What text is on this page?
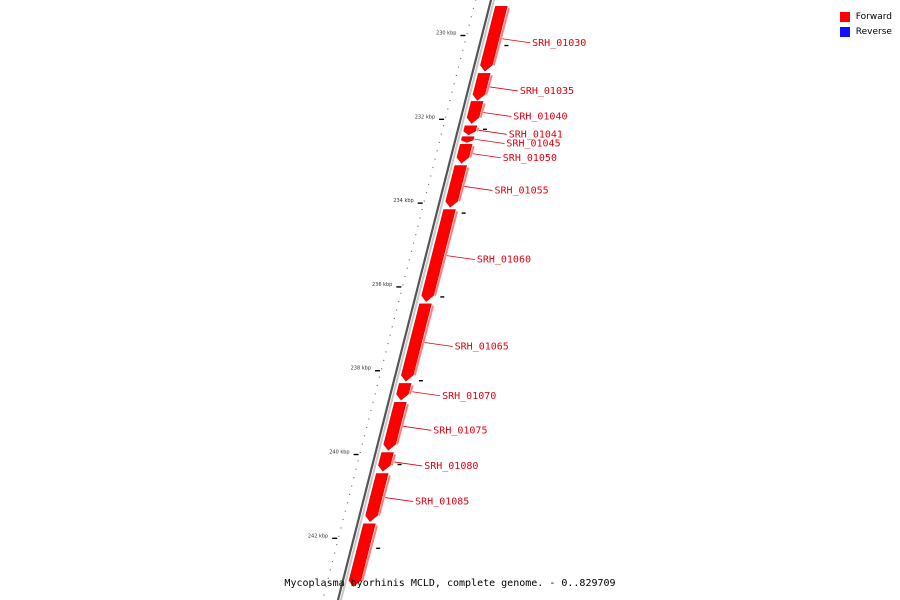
230 kbp
232 kbp
234 kbp
236 kbp
238 kbp
240 kbp
242 kbp
SRH_01030
SRH_01035
SRH_01040
SRH_01041
SRH_01045
SRH_01050
SRH_01055
SRH_01060
SRH_01065
SRH_01070
SRH_01075
SRH_01080
SRH_01085
Forward
Reverse
Mycoplasma hyorhinis MCLD, complete genome. - 0..829709
